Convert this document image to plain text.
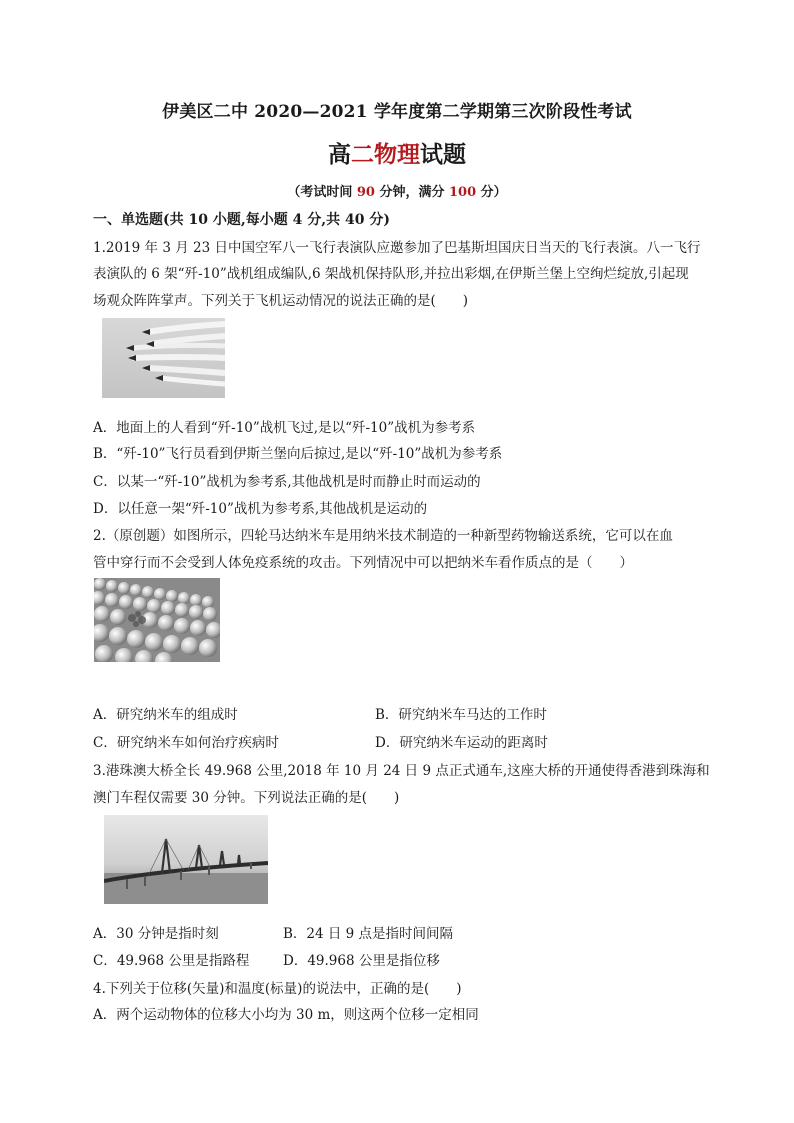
伊美区二中 2020—2021 学年度第二学期第三次阶段性考试
高二物理试题
（考试时间 90 分钟，满分 100 分）
一、单选题(共 10 小题,每小题 4 分,共 40 分)
1.2019 年 3 月 23 日中国空军八一飞行表演队应邀参加了巴基斯坦国庆日当天的飞行表演。八一飞行
表演队的 6 架“歼-10”战机组成编队,6 架战机保持队形,并拉出彩烟,在伊斯兰堡上空绚烂绽放,引起现
场观众阵阵掌声。下列关于飞机运动情况的说法正确的是(　　)
A．地面上的人看到“歼-10”战机飞过,是以“歼-10”战机为参考系
B．“歼-10”飞行员看到伊斯兰堡向后掠过,是以“歼-10”战机为参考系
C．以某一“歼-10”战机为参考系,其他战机是时而静止时而运动的
D．以任意一架“歼-10”战机为参考系,其他战机是运动的
2.（原创题）如图所示，四轮马达纳米车是用纳米技术制造的一种新型药物输送系统，它可以在血
管中穿行而不会受到人体免疫系统的攻击。下列情况中可以把纳米车看作质点的是（　　）
A．研究纳米车的组成时	B．研究纳米车马达的工作时
C．研究纳米车如何治疗疾病时	D．研究纳米车运动的距离时
3.港珠澳大桥全长 49.968 公里,2018 年 10 月 24 日 9 点正式通车,这座大桥的开通使得香港到珠海和
澳门车程仅需要 30 分钟。下列说法正确的是(　　)
A．30 分钟是指时刻	B．24 日 9 点是指时间间隔
C．49.968 公里是指路程 D．49.968 公里是指位移
4.下列关于位移(矢量)和温度(标量)的说法中，正确的是(　　)
A．两个运动物体的位移大小均为 30 m，则这两个位移一定相同
